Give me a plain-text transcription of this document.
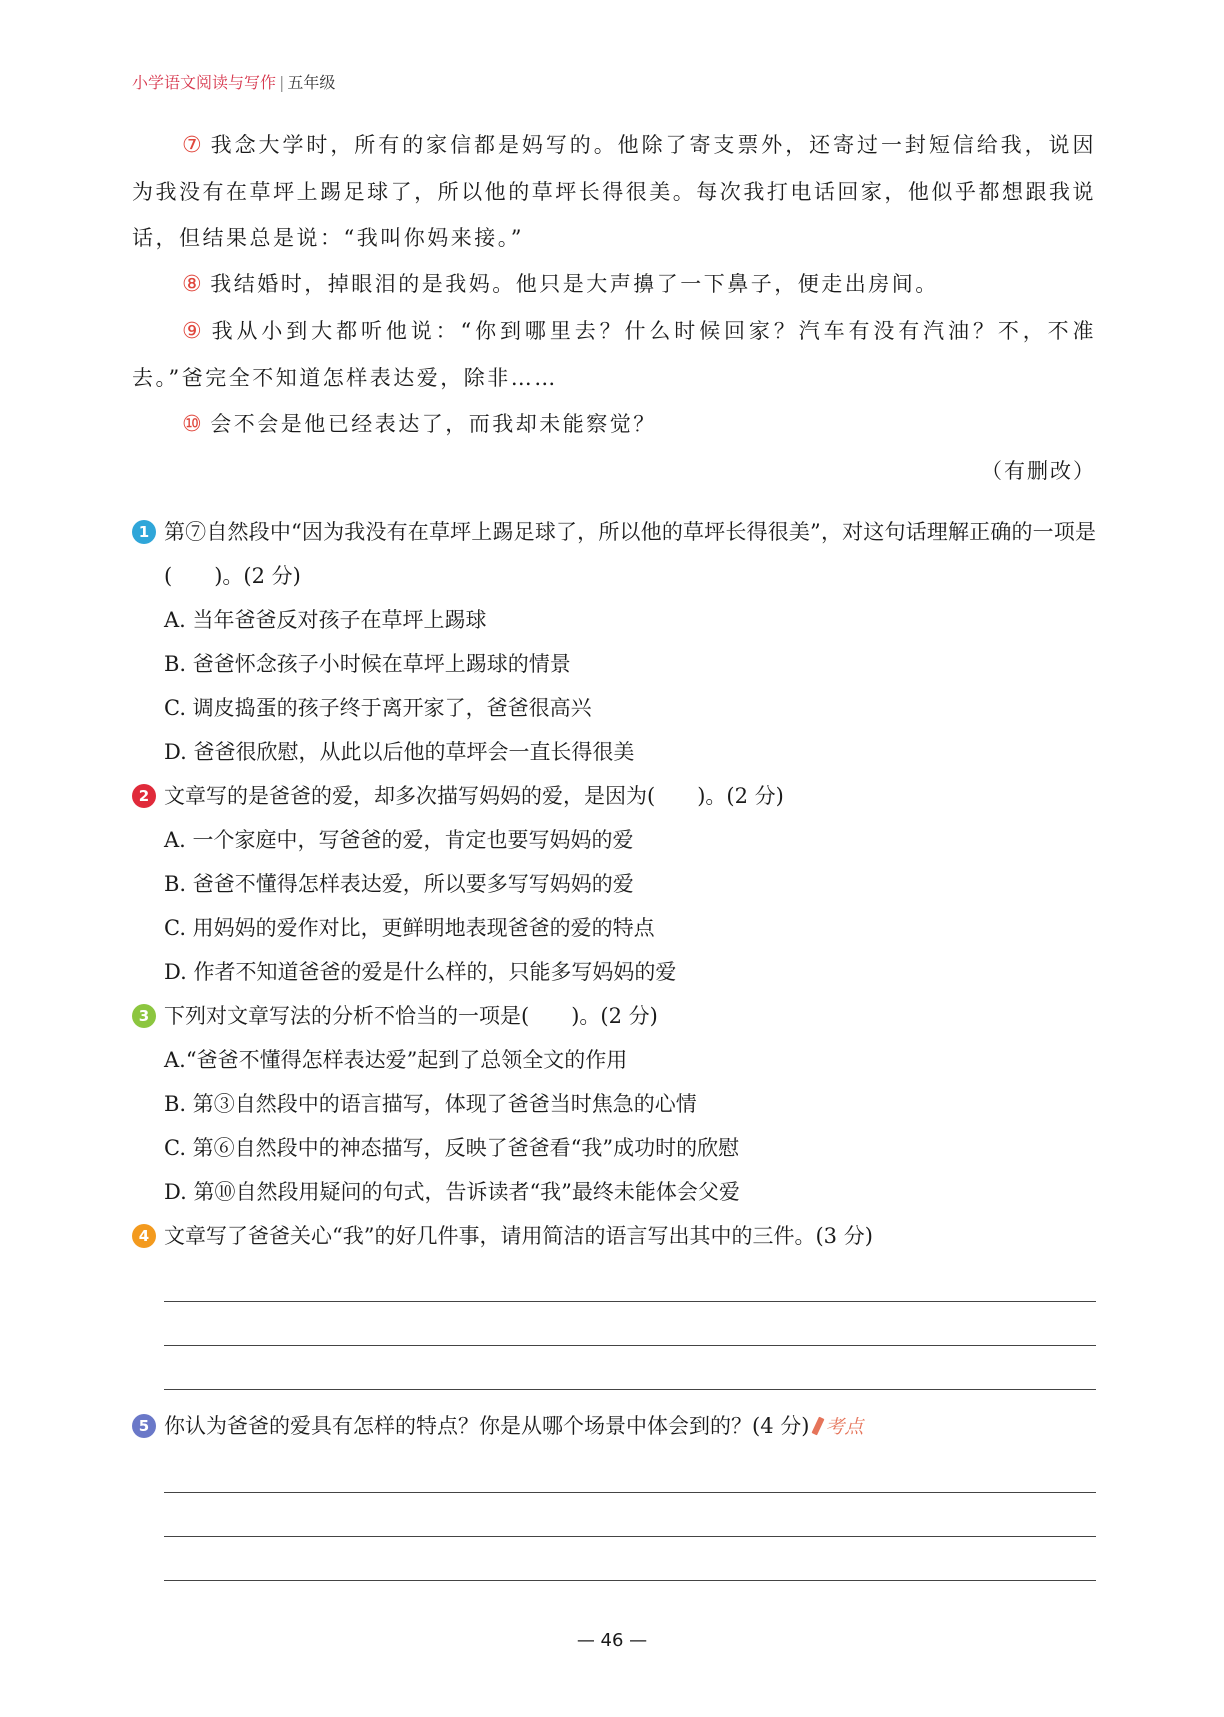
小学语文阅读与写作 | 五年级

⑦ 我念大学时，所有的家信都是妈写的。他除了寄支票外，还寄过一封短信给我，说因为我没有在草坪上踢足球了，所以他的草坪长得很美。每次我打电话回家，他似乎都想跟我说话，但结果总是说：“我叫你妈来接。”

⑧ 我结婚时，掉眼泪的是我妈。他只是大声擤了一下鼻子，便走出房间。

⑨ 我从小到大都听他说：“你到哪里去？什么时候回家？汽车有没有汽油？不，不准去。”爸完全不知道怎样表达爱，除非……

⑩ 会不会是他已经表达了，而我却未能察觉？

（有删改）

1 第⑦自然段中“因为我没有在草坪上踢足球了，所以他的草坪长得很美”，对这句话理解正确的一项是(　　)。(2 分)

A. 当年爸爸反对孩子在草坪上踢球

B. 爸爸怀念孩子小时候在草坪上踢球的情景

C. 调皮捣蛋的孩子终于离开家了，爸爸很高兴

D. 爸爸很欣慰，从此以后他的草坪会一直长得很美

2 文章写的是爸爸的爱，却多次描写妈妈的爱，是因为(　　)。(2 分)

A. 一个家庭中，写爸爸的爱，肯定也要写妈妈的爱

B. 爸爸不懂得怎样表达爱，所以要多写写妈妈的爱

C. 用妈妈的爱作对比，更鲜明地表现爸爸的爱的特点

D. 作者不知道爸爸的爱是什么样的，只能多写妈妈的爱

3 下列对文章写法的分析不恰当的一项是(　　)。(2 分)

A.“爸爸不懂得怎样表达爱”起到了总领全文的作用

B. 第③自然段中的语言描写，体现了爸爸当时焦急的心情

C. 第⑥自然段中的神态描写，反映了爸爸看“我”成功时的欣慰

D. 第⑩自然段用疑问的句式，告诉读者“我”最终未能体会父爱

4 文章写了爸爸关心“我”的好几件事，请用简洁的语言写出其中的三件。(3 分)

5 你认为爸爸的爱具有怎样的特点？你是从哪个场景中体会到的？(4 分) 考点

— 46 —
